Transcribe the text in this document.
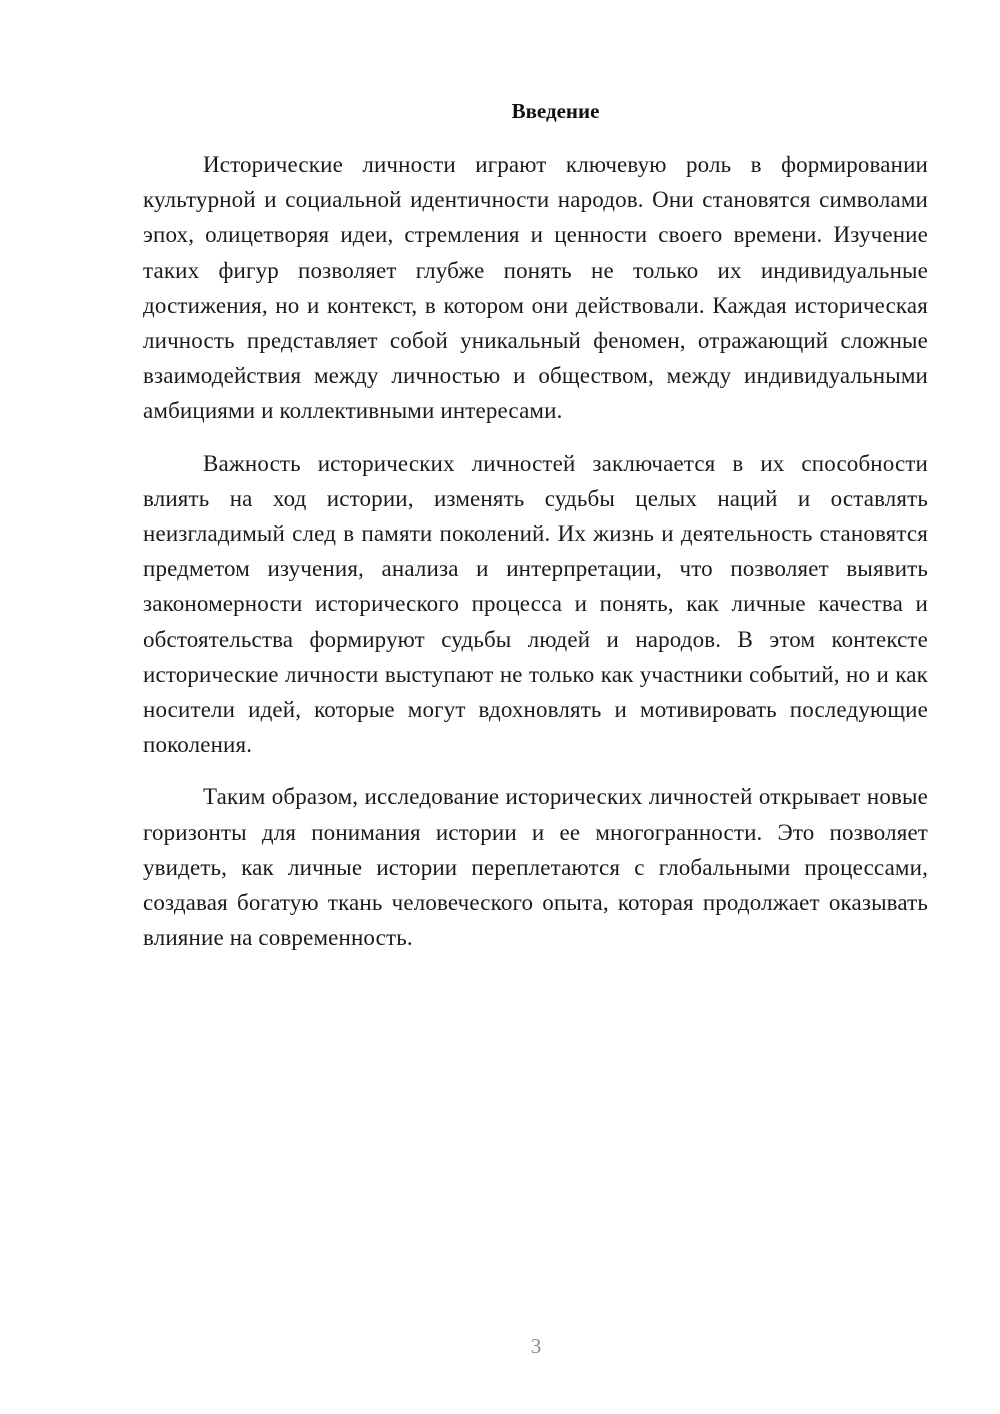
Введение

Исторические личности играют ключевую роль в формировании культурной и социальной идентичности народов. Они становятся символами эпох, олицетворяя идеи, стремления и ценности своего времени. Изучение таких фигур позволяет глубже понять не только их индивидуальные достижения, но и контекст, в котором они действовали. Каждая историческая личность представляет собой уникальный феномен, отражающий сложные взаимодействия между личностью и обществом, между индивидуальными амбициями и коллективными интересами.

Важность исторических личностей заключается в их способности влиять на ход истории, изменять судьбы целых наций и оставлять неизгладимый след в памяти поколений. Их жизнь и деятельность становятся предметом изучения, анализа и интерпретации, что позволяет выявить закономерности исторического процесса и понять, как личные качества и обстоятельства формируют судьбы людей и народов. В этом контексте исторические личности выступают не только как участники событий, но и как носители идей, которые могут вдохновлять и мотивировать последующие поколения.

Таким образом, исследование исторических личностей открывает новые горизонты для понимания истории и ее многогранности. Это позволяет увидеть, как личные истории переплетаются с глобальными процессами, создавая богатую ткань человеческого опыта, которая продолжает оказывать влияние на современность.

3
